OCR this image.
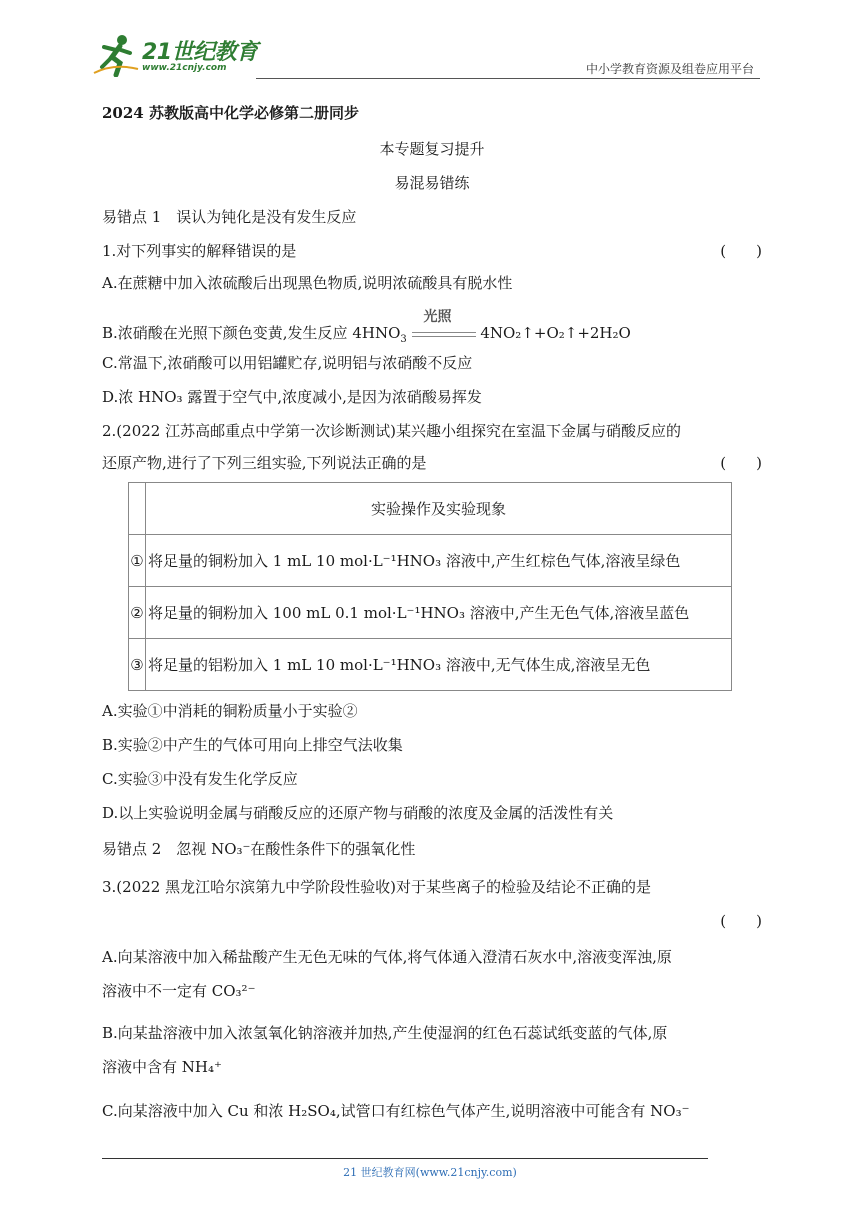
21世纪教育
www.21cnjy.com	中小学教育资源及组卷应用平台
2024 苏教版高中化学必修第二册同步
本专题复习提升
易混易错练
易错点 1　误认为钝化是没有发生反应
1.对下列事实的解释错误的是	(　　)
A.在蔗糖中加入浓硫酸后出现黑色物质,说明浓硫酸具有脱水性
B.浓硝酸在光照下颜色变黄,发生反应 $4HNO_3$
光照
4NO₂↑+O₂↑+2H₂O
C.常温下,浓硝酸可以用铝罐贮存,说明铝与浓硝酸不反应
D.浓 HNO₃ 露置于空气中,浓度减小,是因为浓硝酸易挥发
2.(2022 江苏高邮重点中学第一次诊断测试)某兴趣小组探究在室温下金属与硝酸反应的
还原产物,进行了下列三组实验,下列说法正确的是	(　　)
	实验操作及实验现象
①	将足量的铜粉加入 1 mL 10 mol·L⁻¹HNO₃ 溶液中,产生红棕色气体,溶液呈绿色
②	将足量的铜粉加入 100 mL 0.1 mol·L⁻¹HNO₃ 溶液中,产生无色气体,溶液呈蓝色
③	将足量的铝粉加入 1 mL 10 mol·L⁻¹HNO₃ 溶液中,无气体生成,溶液呈无色
A.实验①中消耗的铜粉质量小于实验②
B.实验②中产生的气体可用向上排空气法收集
C.实验③中没有发生化学反应
D.以上实验说明金属与硝酸反应的还原产物与硝酸的浓度及金属的活泼性有关
易错点 2　忽视 NO₃⁻在酸性条件下的强氧化性
3.(2022 黑龙江哈尔滨第九中学阶段性验收)对于某些离子的检验及结论不正确的是
(　　)
A.向某溶液中加入稀盐酸产生无色无味的气体,将气体通入澄清石灰水中,溶液变浑浊,原
溶液中不一定有 CO₃²⁻
B.向某盐溶液中加入浓氢氧化钠溶液并加热,产生使湿润的红色石蕊试纸变蓝的气体,原
溶液中含有 NH₄⁺
C.向某溶液中加入 Cu 和浓 H₂SO₄,试管口有红棕色气体产生,说明溶液中可能含有 NO₃⁻
21 世纪教育网(www.21cnjy.com)
